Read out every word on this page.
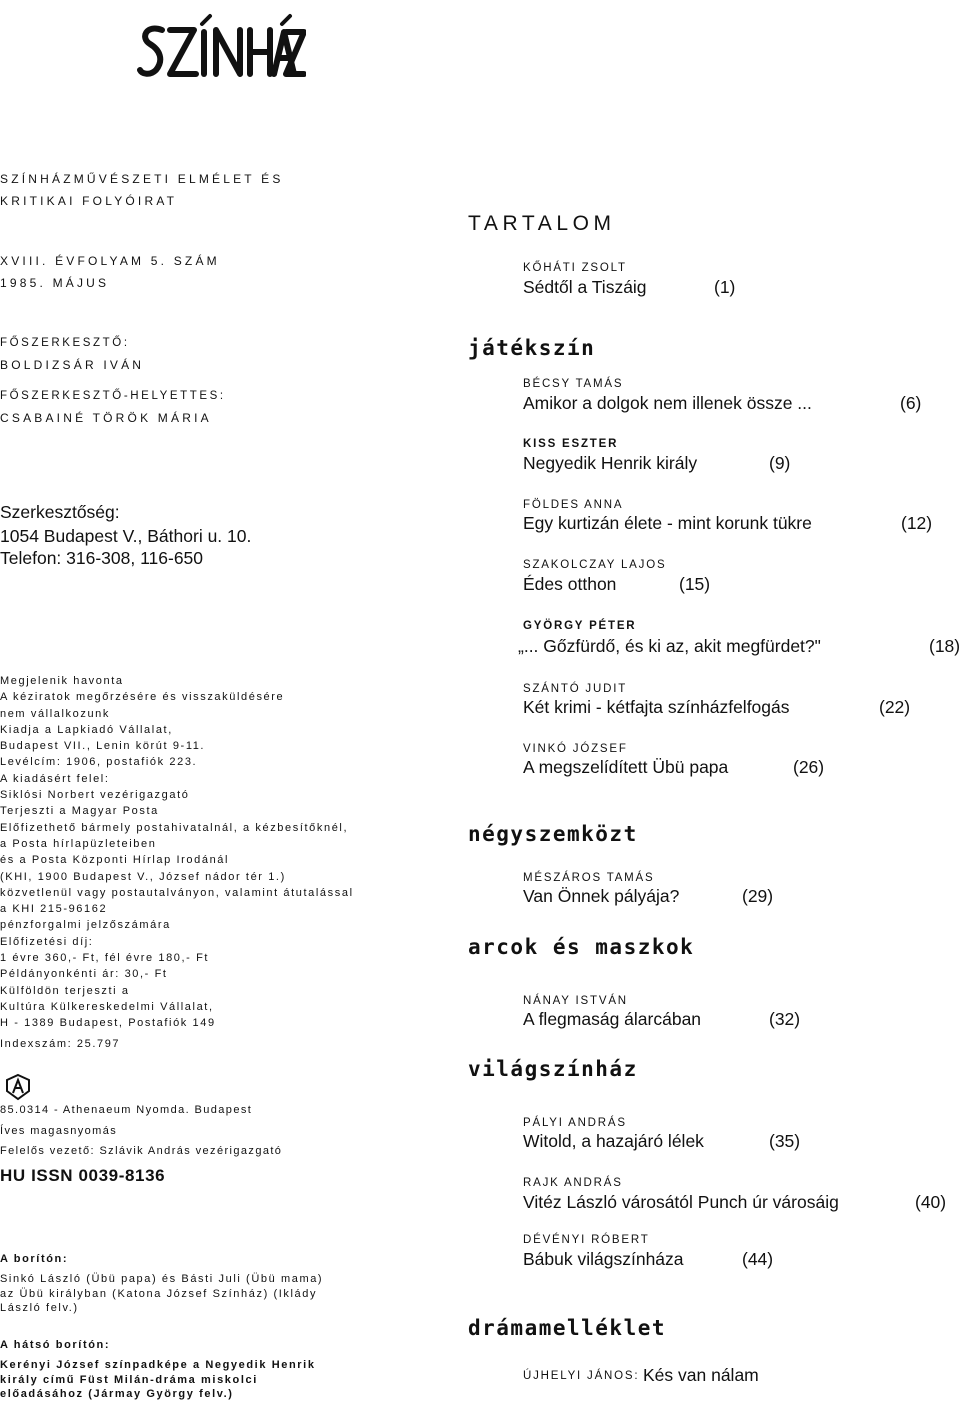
SZÍNHÁZMŰVÉSZETI ELMÉLET ÉS
KRITIKAI FOLYÓIRAT
XVIII. ÉVFOLYAM 5. SZÁM
1985. MÁJUS
FŐSZERKESZTŐ:
BOLDIZSÁR IVÁN
FŐSZERKESZTŐ-HELYETTES:
CSABAINÉ TÖRÖK MÁRIA
Szerkesztőség:
1054 Budapest V., Báthori u. 10.
Telefon: 316-308, 116-650
Megjelenik havonta
A kéziratok megőrzésére és visszaküldésére
nem vállalkozunk
Kiadja a Lapkiadó Vállalat,
Budapest VII., Lenin körút 9-11.
Levélcím: 1906, postafiók 223.
A kiadásért felel:
Siklósi Norbert vezérigazgató
Terjeszti a Magyar Posta
Előfizethető bármely postahivatalnál, a kézbesítőknél,
a Posta hírlapüzleteiben
és a Posta Központi Hírlap Irodánál
(KHI, 1900 Budapest V., József nádor tér 1.)
közvetlenül vagy postautalványon, valamint átutalással
a KHI 215-96162
pénzforgalmi jelzőszámára
Előfizetési díj:
1 évre 360,- Ft, fél évre 180,- Ft
Példányonkénti ár: 30,- Ft
Külföldön terjeszti a
Kultúra Külkereskedelmi Vállalat,
H - 1389 Budapest, Postafiók 149
Indexszám: 25.797
85.0314 - Athenaeum Nyomda. Budapest
Íves magasnyomás
Felelős vezető: Szlávik András vezérigazgató
HU ISSN 0039-8136
A borítón:
Sinkó László (Übü papa) és Básti Juli (Übü mama)
az Übü királyban (Katona József Színház) (Iklády
László felv.)
A hátsó borítón:
Kerényi József színpadképe a Negyedik Henrik
király című Füst Milán-dráma miskolci
előadásához (Jármay György felv.)
TARTALOM
KŐHÁTI ZSOLT
Sédtől a Tiszáig	(1)
játékszín
BÉCSY TAMÁS
Amikor a dolgok nem illenek össze ...	(6)
KISS ESZTER
Negyedik Henrik király	(9)
FÖLDES ANNA
Egy kurtizán élete - mint korunk tükre	(12)
SZAKOLCZAY LAJOS
Édes otthon	(15)
GYÖRGY PÉTER
„... Gőzfürdő, és ki az, akit megfürdet?"	(18)
SZÁNTÓ JUDIT
Két krimi - kétfajta színházfelfogás	(22)
VINKÓ JÓZSEF
A megszelídített Übü papa	(26)
négyszemközt
MÉSZÁROS TAMÁS
Van Önnek pályája?	(29)
arcok és maszkok
NÁNAY ISTVÁN
A flegmaság álarcában	(32)
világszínház
PÁLYI ANDRÁS
Witold, a hazajáró lélek	(35)
RAJK ANDRÁS
Vitéz László városától Punch úr városáig	(40)
DÉVÉNYI RÓBERT
Bábuk világszínháza	(44)
drámamelléklet
ÚJHELYI JÁNOS: Kés van nálam
